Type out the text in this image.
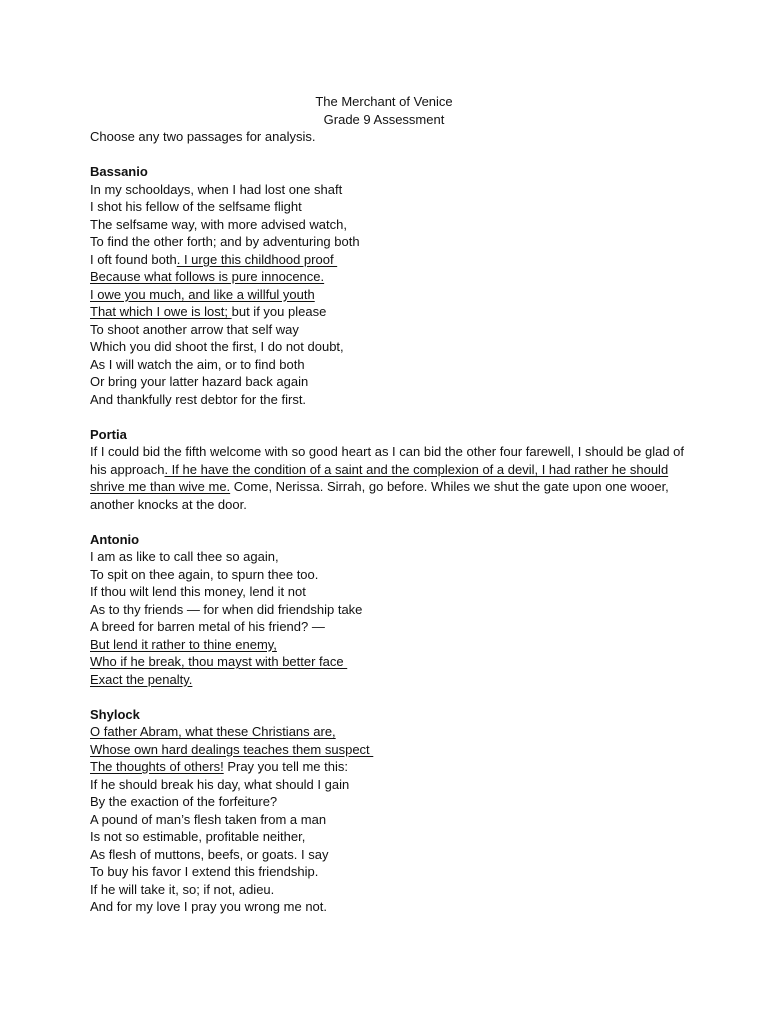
The Merchant of Venice
Grade 9 Assessment
Choose any two passages for analysis.
Bassanio
In my schooldays, when I had lost one shaft
I shot his fellow of the selfsame flight
The selfsame way, with more advised watch,
To find the other forth; and by adventuring both
I oft found both. I urge this childhood proof
Because what follows is pure innocence.
I owe you much, and like a willful youth
That which I owe is lost; but if you please
To shoot another arrow that self way
Which you did shoot the first, I do not doubt,
As I will watch the aim, or to find both
Or bring your latter hazard back again
And thankfully rest debtor for the first.
Portia
If I could bid the fifth welcome with so good heart as I can bid the other four farewell, I should be glad of
his approach. If he have the condition of a saint and the complexion of a devil, I had rather he should
shrive me than wive me. Come, Nerissa. Sirrah, go before. Whiles we shut the gate upon one wooer,
another knocks at the door.
Antonio
I am as like to call thee so again,
To spit on thee again, to spurn thee too.
If thou wilt lend this money, lend it not
As to thy friends — for when did friendship take
A breed for barren metal of his friend? —
But lend it rather to thine enemy,
Who if he break, thou mayst with better face
Exact the penalty.
Shylock
O father Abram, what these Christians are,
Whose own hard dealings teaches them suspect
The thoughts of others! Pray you tell me this:
If he should break his day, what should I gain
By the exaction of the forfeiture?
A pound of man’s flesh taken from a man
Is not so estimable, profitable neither,
As flesh of muttons, beefs, or goats. I say
To buy his favor I extend this friendship.
If he will take it, so; if not, adieu.
And for my love I pray you wrong me not.
